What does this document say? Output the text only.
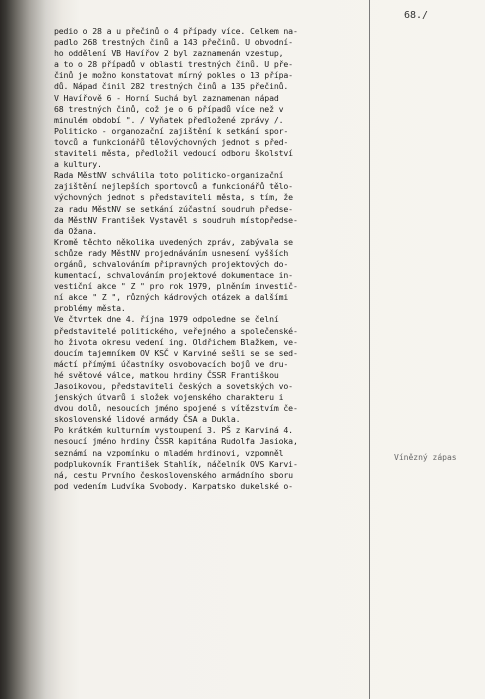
68./
Vínězný zápas
pedio o 28 a u přečinů o 4 případy více. Celkem na-
padlo 268 trestných činů a 143 přečinů. U obvodní-
ho oddělení VB Havířov 2 byl zaznamenán vzestup,
a to o 28 případů v oblasti trestných činů. U pře-
činů je možno konstatovat mírný pokles o 13 přípa-
dů. Nápad činil 282 trestných činů a 135 přečinů.
V Havířově 6 - Horní Suchá byl zaznamenan nápad
68 trestných činů, což je o 6 případů více než v
minulém období ". / Vyňatek předložené zprávy /.
Politicko - organozační zajištění k setkání spor-
tovců a funkcionářů tělovýchovných jednot s před-
staviteli města, předložil vedoucí odboru školství
a kultury.
Rada MěstNV schválila toto politicko-organizační
zajištění nejlepších sportovců a funkcionářů tělo-
výchovných jednot s představiteli města, s tím, že
za radu MěstNV se setkání zúčastní soudruh předse-
da MěstNV František Vystavěl s soudruh místopředse-
da Ožana.
Kromě těchto několika uvedených zpráv, zabývala se
schůze rady MěstNV projednáváním usnesení vyšších
orgánů, schvalováním připravných projektových do-
kumentací, schvalováním projektové dokumentace in-
vestiční akce " Z " pro rok 1979, plněním investič-
ní akce " Z ", různých kádrových otázek a dalšími
problémy města.
Ve čtvrtek dne 4. října 1979 odpoledne se čelní
představitelé politického, veřejného a společenské-
ho života okresu vedení ing. Oldřichem Blažkem, ve-
doucím tajemníkem OV KSČ v Karviné sešli se se sed-
máctí přímými účastníky osvobovacích bojů ve dru-
hé světové válce, matkou hrdiny ČSSR Františkou
Jasoikovou, představiteli českých a sovetských vo-
jenských útvarů i složek vojenského charakteru i
dvou dolů, nesoucích jméno spojené s vítězstvím če-
skoslovenské lidové armády ČSA a Dukla.
Po krátkém kulturním vystoupení 3. PŠ z Karviná 4.
nesoucí jméno hrdiny ČSSR kapitána Rudolfa Jasioka,
seznámí na vzpomínku o mladém hrdinovi, vzpomněl
podplukovník František Stahlík, náčelník OVS Karvi-
ná, cestu Prvního československého armádního sboru
pod vedením Ludvíka Svobody. Karpatsko dukelské o-
